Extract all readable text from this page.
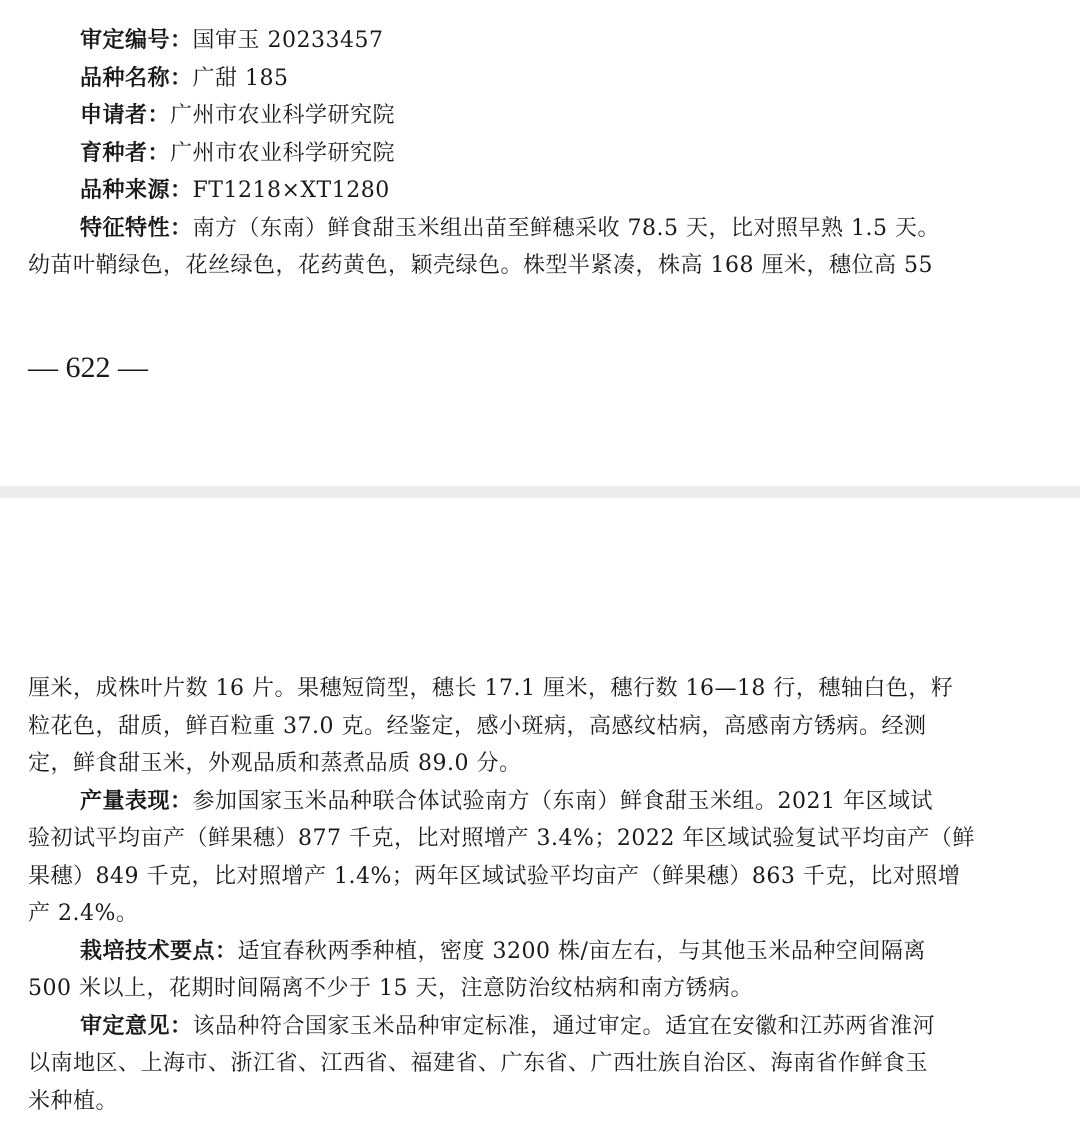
审定编号：国审玉 20233457
品种名称：广甜 185
申请者：广州市农业科学研究院
育种者：广州市农业科学研究院
品种来源：FT1218×XT1280
特征特性：南方（东南）鲜食甜玉米组出苗至鲜穗采收 78.5 天，比对照早熟 1.5 天。
幼苗叶鞘绿色，花丝绿色，花药黄色，颖壳绿色。株型半紧凑，株高 168 厘米，穗位高 55
— 622 —
厘米，成株叶片数 16 片。果穗短筒型，穗长 17.1 厘米，穗行数 16—18 行，穗轴白色，籽
粒花色，甜质，鲜百粒重 37.0 克。经鉴定，感小斑病，高感纹枯病，高感南方锈病。经测
定，鲜食甜玉米，外观品质和蒸煮品质 89.0 分。
产量表现：参加国家玉米品种联合体试验南方（东南）鲜食甜玉米组。2021 年区域试
验初试平均亩产（鲜果穗）877 千克，比对照增产 3.4%；2022 年区域试验复试平均亩产（鲜
果穗）849 千克，比对照增产 1.4%；两年区域试验平均亩产（鲜果穗）863 千克，比对照增
产 2.4%。
栽培技术要点：适宜春秋两季种植，密度 3200 株/亩左右，与其他玉米品种空间隔离
500 米以上，花期时间隔离不少于 15 天，注意防治纹枯病和南方锈病。
审定意见：该品种符合国家玉米品种审定标准，通过审定。适宜在安徽和江苏两省淮河
以南地区、上海市、浙江省、江西省、福建省、广东省、广西壮族自治区、海南省作鲜食玉
米种植。
